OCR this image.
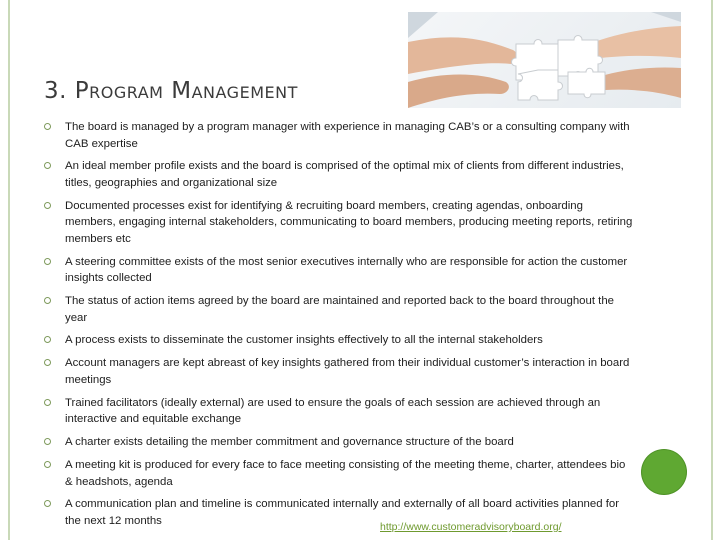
3. Program Management
The board is managed by a program manager with experience in managing CAB’s or a consulting company with CAB expertise
An ideal member profile exists and the board is comprised of the optimal mix of clients from different industries, titles, geographies and organizational size
Documented processes exist for identifying & recruiting board members, creating agendas, onboarding members, engaging internal stakeholders, communicating to board members, producing meeting reports, retiring members etc
A steering committee exists of the most senior executives internally who are responsible for action the customer insights collected
The status of action items agreed by the board are maintained and reported back to the board throughout the year
A process exists to disseminate the customer insights effectively to all the internal stakeholders
Account managers are kept abreast of key insights gathered from their individual customer’s interaction in board meetings
Trained facilitators (ideally external) are used to ensure the goals of each session are achieved through an interactive and equitable exchange
A charter exists detailing the member commitment and governance structure of the board
A meeting kit is produced for every face to face meeting consisting of the meeting theme, charter, attendees bio & headshots, agenda
A communication plan and timeline is communicated internally and externally of all board activities planned for the next 12 months
http://www.customeradvisoryboard.org/
